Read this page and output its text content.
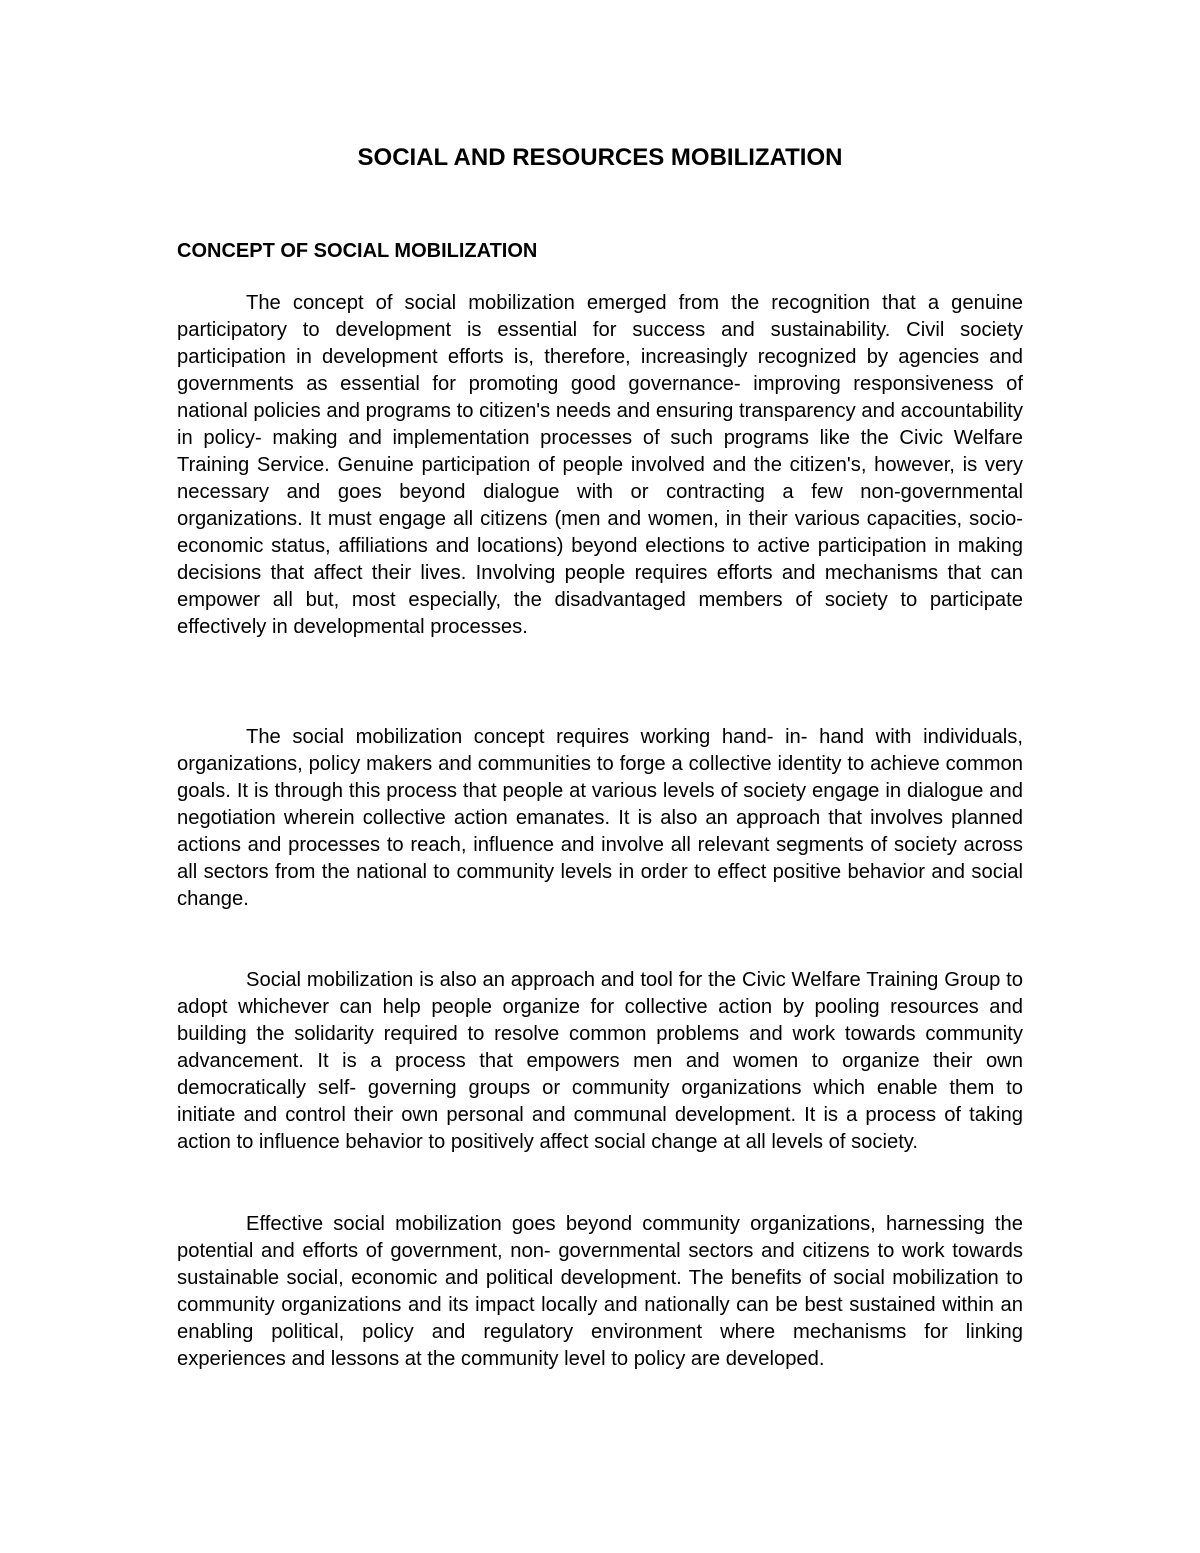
SOCIAL AND RESOURCES MOBILIZATION
CONCEPT OF SOCIAL MOBILIZATION

The concept of social mobilization emerged from the recognition that a genuine participatory to development is essential for success and sustainability. Civil society participation in development efforts is, therefore, increasingly recognized by agencies and governments as essential for promoting good governance- improving responsiveness of national policies and programs to citizen's needs and ensuring transparency and accountability in policy- making and implementation processes of such programs like the Civic Welfare Training Service. Genuine participation of people involved and the citizen's, however, is very necessary and goes beyond dialogue with or contracting a few non-governmental organizations. It must engage all citizens (men and women, in their various capacities, socio- economic status, affiliations and locations) beyond elections to active participation in making decisions that affect their lives. Involving people requires efforts and mechanisms that can empower all but, most especially, the disadvantaged members of society to participate effectively in developmental processes.

The social mobilization concept requires working hand- in- hand with individuals, organizations, policy makers and communities to forge a collective identity to achieve common goals. It is through this process that people at various levels of society engage in dialogue and negotiation wherein collective action emanates. It is also an approach that involves planned actions and processes to reach, influence and involve all relevant segments of society across all sectors from the national to community levels in order to effect positive behavior and social change.

Social mobilization is also an approach and tool for the Civic Welfare Training Group to adopt whichever can help people organize for collective action by pooling resources and building the solidarity required to resolve common problems and work towards community advancement. It is a process that empowers men and women to organize their own democratically self- governing groups or community organizations which enable them to initiate and control their own personal and communal development. It is a process of taking action to influence behavior to positively affect social change at all levels of society.

Effective social mobilization goes beyond community organizations, harnessing the potential and efforts of government, non- governmental sectors and citizens to work towards sustainable social, economic and political development. The benefits of social mobilization to community organizations and its impact locally and nationally can be best sustained within an enabling political, policy and regulatory environment where mechanisms for linking experiences and lessons at the community level to policy are developed.
